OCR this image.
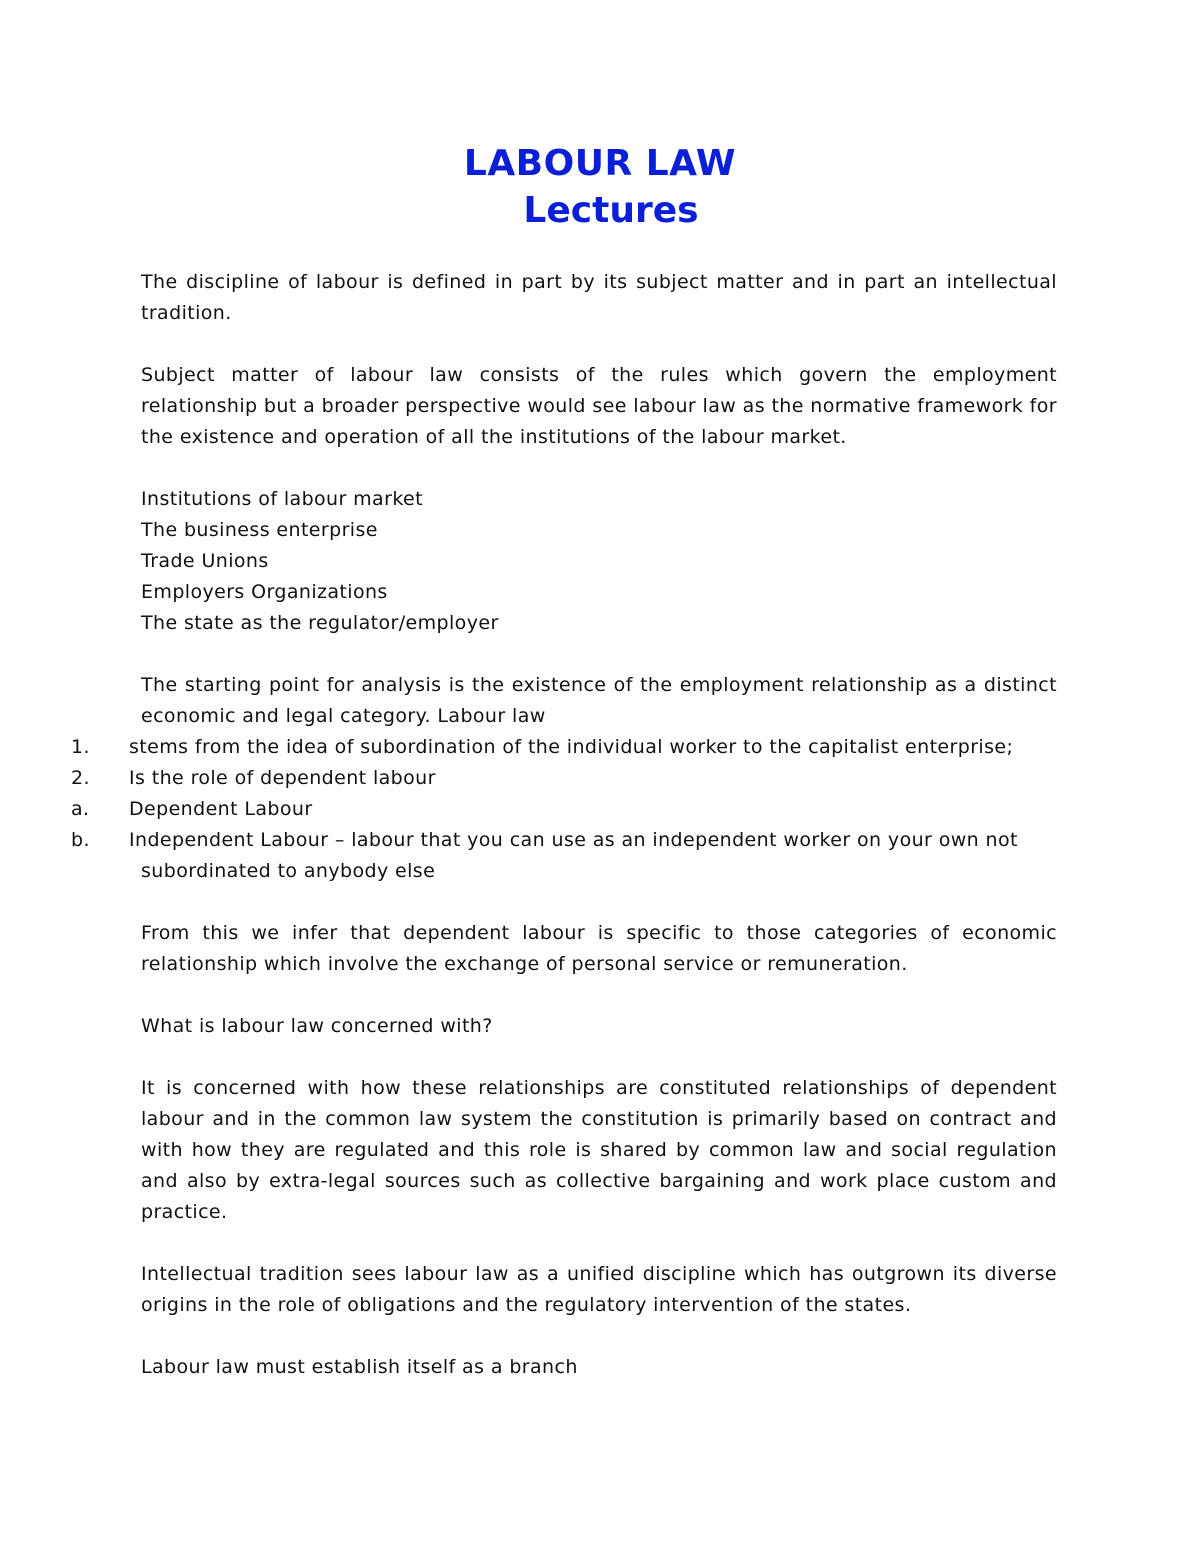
LABOUR LAW
Lectures

The discipline of labour is defined in part by its subject matter and in part an intellectual tradition.

Subject matter of labour law consists of the rules which govern the employment relationship but a broader perspective would see labour law as the normative framework for the existence and operation of all the institutions of the labour market.

Institutions of labour market
The business enterprise
Trade Unions
Employers Organizations
The state as the regulator/employer

The starting point for analysis is the existence of the employment relationship as a distinct economic and legal category. Labour law

1.	stems from the idea of subordination of the individual worker to the capitalist enterprise;
2.	Is the role of dependent labour
a.	Dependent Labour
b.	Independent Labour – labour that you can use as an independent worker on your own not
subordinated to anybody else

From this we infer that dependent labour is specific to those categories of economic relationship which involve the exchange of personal service or remuneration.

What is labour law concerned with?

It is concerned with how these relationships are constituted relationships of dependent labour and in the common law system the constitution is primarily based on contract and with how they are regulated and this role is shared by common law and social regulation and also by extra-legal sources such as collective bargaining and work place custom and practice.

Intellectual tradition sees labour law as a unified discipline which has outgrown its diverse origins in the role of obligations and the regulatory intervention of the states.

Labour law must establish itself as a branch
